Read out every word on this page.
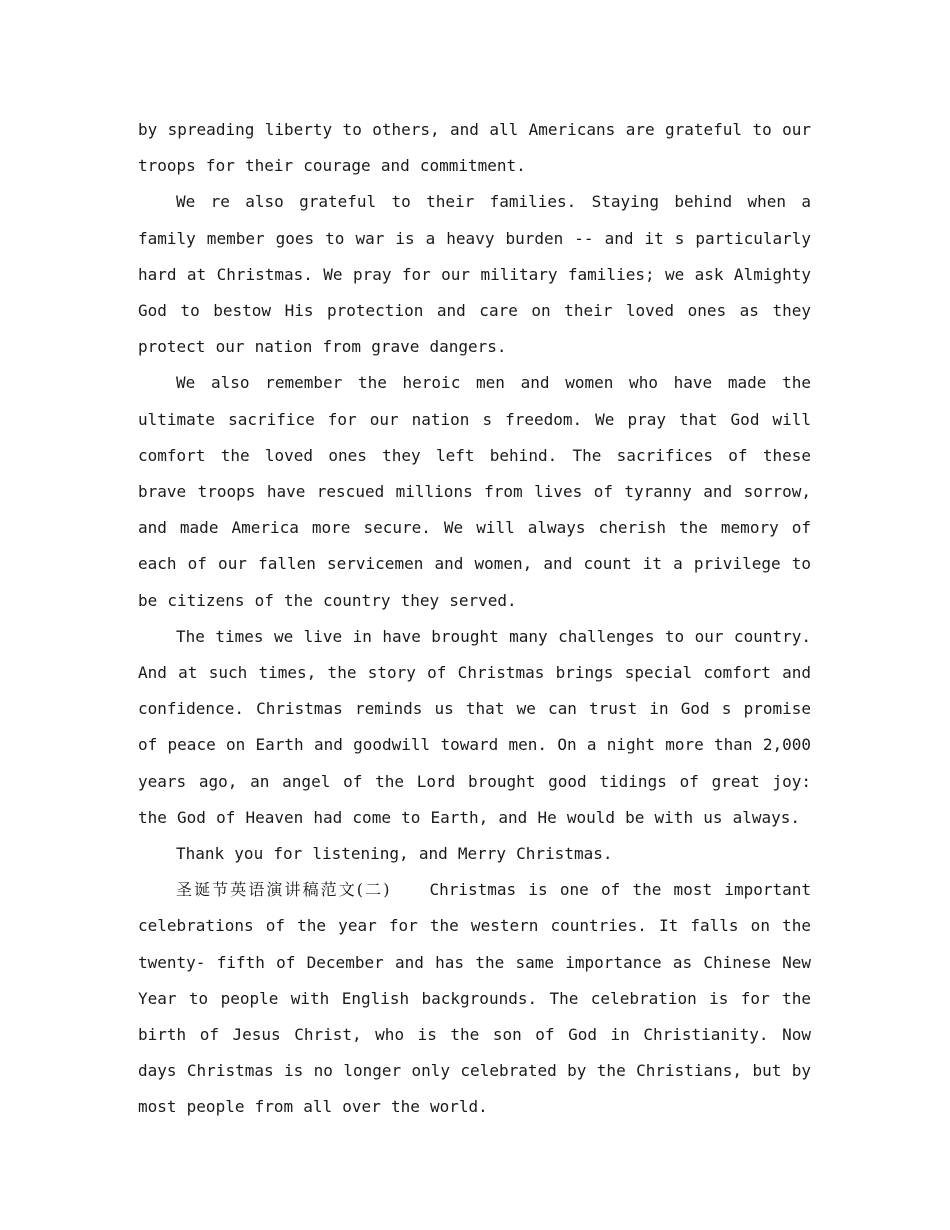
by spreading liberty to others, and all Americans are grateful to our troops for their courage and commitment.

We re also grateful to their families. Staying behind when a family member goes to war is a heavy burden -- and it s particularly hard at Christmas. We pray for our military families; we ask Almighty God to bestow His protection and care on their loved ones as they protect our nation from grave dangers.

We also remember the heroic men and women who have made the ultimate sacrifice for our nation s freedom. We pray that God will comfort the loved ones they left behind. The sacrifices of these brave troops have rescued millions from lives of tyranny and sorrow, and made America more secure. We will always cherish the memory of each of our fallen servicemen and women, and count it a privilege to be citizens of the country they served.

The times we live in have brought many challenges to our country. And at such times, the story of Christmas brings special comfort and confidence. Christmas reminds us that we can trust in God s promise of peace on Earth and goodwill toward men. On a night more than 2,000 years ago, an angel of the Lord brought good tidings of great joy: the God of Heaven had come to Earth, and He would be with us always.

Thank you for listening, and Merry Christmas.

圣诞节英语演讲稿范文(二)	Christmas is one of the most important celebrations of the year for the western countries. It falls on the twenty- fifth of December and has the same importance as Chinese New Year to people with English backgrounds. The celebration is for the birth of Jesus Christ, who is the son of God in Christianity. Now days Christmas is no longer only celebrated by the Christians, but by most people from all over the world.
